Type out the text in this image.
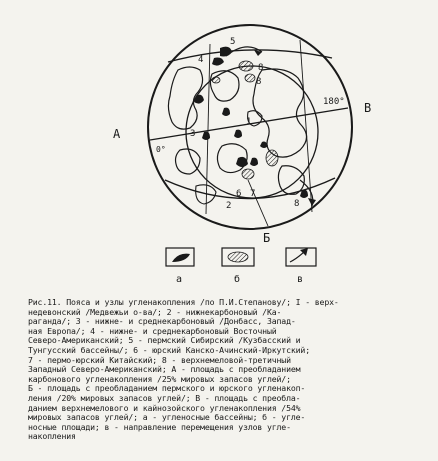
A
B
Б
180°
0°
1
2
3
4
5
6 7
8
8
8
а	б	в

Рис.11. Пояса и узлы угленакопления /по П.И.Степанову/; I - верх-
недевонский /Медвежьи о-ва/; 2 - нижнекарбоновый /Ка-
раганда/; 3 - нижне- и среднекарбоновый /Донбасс, Запад-
ная Европа/; 4 - нижне- и среднекарбоновый Восточный
Северо-Американский; 5 - пермский Сибирский /Кузбасский и
Тунгусский бассейны/; 6 - юрский Канско-Ачинский-Иркутский;
7 - пермо-юрский Китайский; 8 - верхнемеловой-третичный
Западный Северо-Американский; А - площадь с преобладанием
карбонового угленакопления /25% мировых запасов углей/;
Б - площадь с преобладанием пермского и юрского угленакоп-
ления /20% мировых запасов углей/; В - площадь с преобла-
данием верхнемелового и кайнозойского угленакопления /54%
мировых запасов углей/; а - угленосные бассейны; б - угле-
носные площади; в - направление перемещения узлов угле-
накопления
